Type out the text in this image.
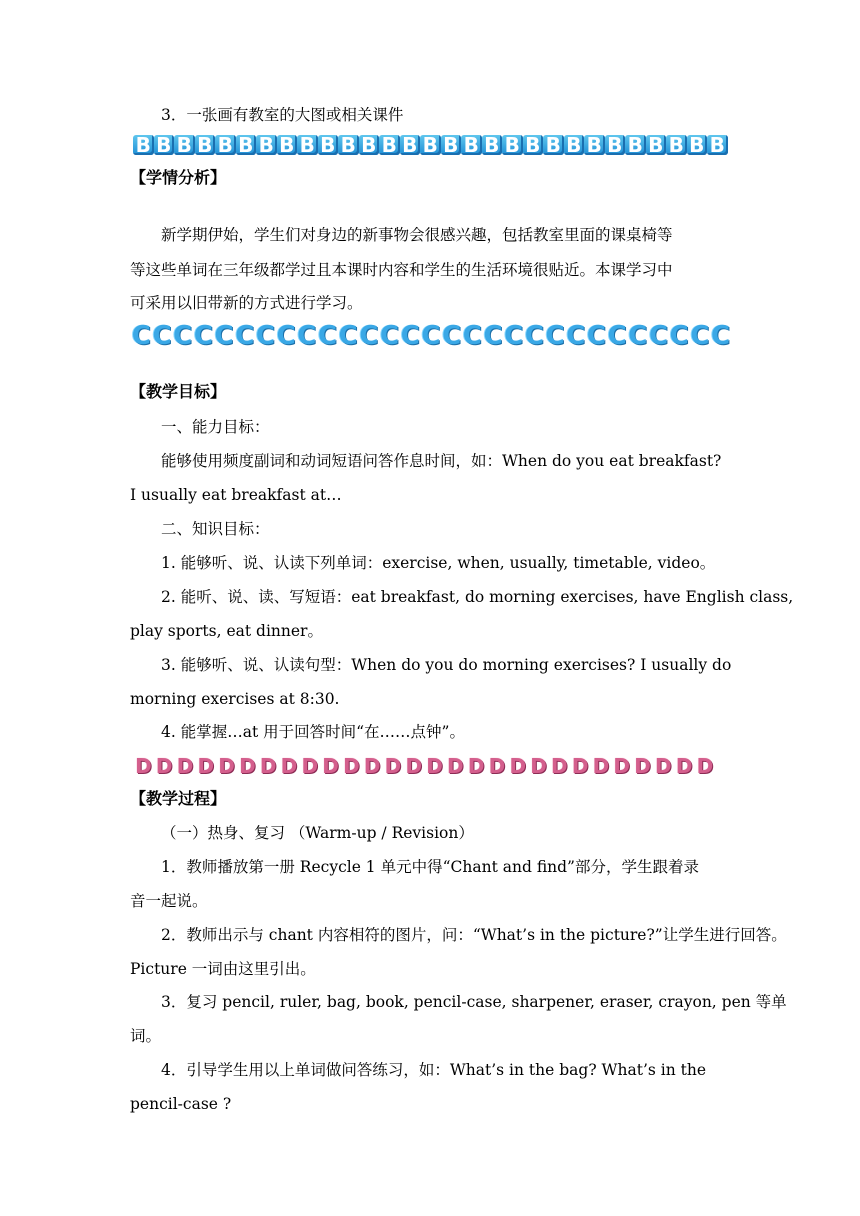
3．一张画有教室的大图或相关课件
B B B B B B B B B B B B B B B B B B B B B B B B B B B B B
【学情分析】
新学期伊始，学生们对身边的新事物会很感兴趣，包括教室里面的课桌椅等
等这些单词在三年级都学过且本课时内容和学生的生活环境很贴近。本课学习中
可采用以旧带新的方式进行学习。
C C C C C C C C C C C C C C C C C C C C C C C C C C C C C
【教学目标】
一、能力目标：
能够使用频度副词和动词短语问答作息时间，如：When do you eat breakfast?
I usually eat breakfast at…
二、知识目标：
1. 能够听、说、认读下列单词：exercise, when, usually, timetable, video。
2. 能听、说、读、写短语：eat breakfast, do morning exercises, have English class,
play sports, eat dinner。
3. 能够听、说、认读句型：When do you do morning exercises? I usually do
morning exercises at 8:30.
4. 能掌握…at 用于回答时间“在……点钟”。
D D D D D D D D D D D D D D D D D D D D D D D D D D D D
【教学过程】
（一）热身、复习 （Warm-up / Revision）
1．教师播放第一册 Recycle 1 单元中得“Chant and find”部分，学生跟着录
音一起说。
2．教师出示与 chant 内容相符的图片，问：“What’s in the picture?”让学生进行回答。
Picture 一词由这里引出。
3．复习 pencil, ruler, bag, book, pencil-case, sharpener, eraser, crayon, pen 等单
词。
4．引导学生用以上单词做问答练习，如：What’s in the bag? What’s in the
pencil-case ?
